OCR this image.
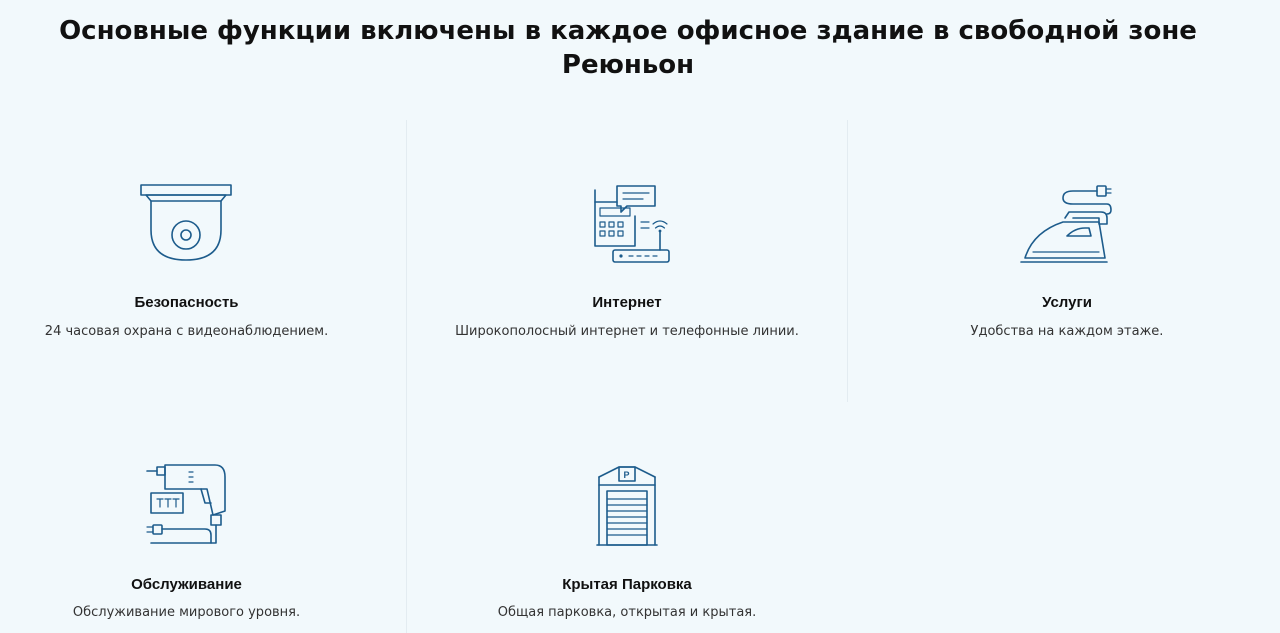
Основные функции включены в каждое офисное здание в свободной зоне Реюньон
Безопасность
24 часовая охрана с видеонаблюдением.
Интернет
Широкополосный интернет и телефонные линии.
Услуги
Удобства на каждом этаже.
Обслуживание
Обслуживание мирового уровня.
P
Крытая Парковка
Общая парковка, открытая и крытая.
